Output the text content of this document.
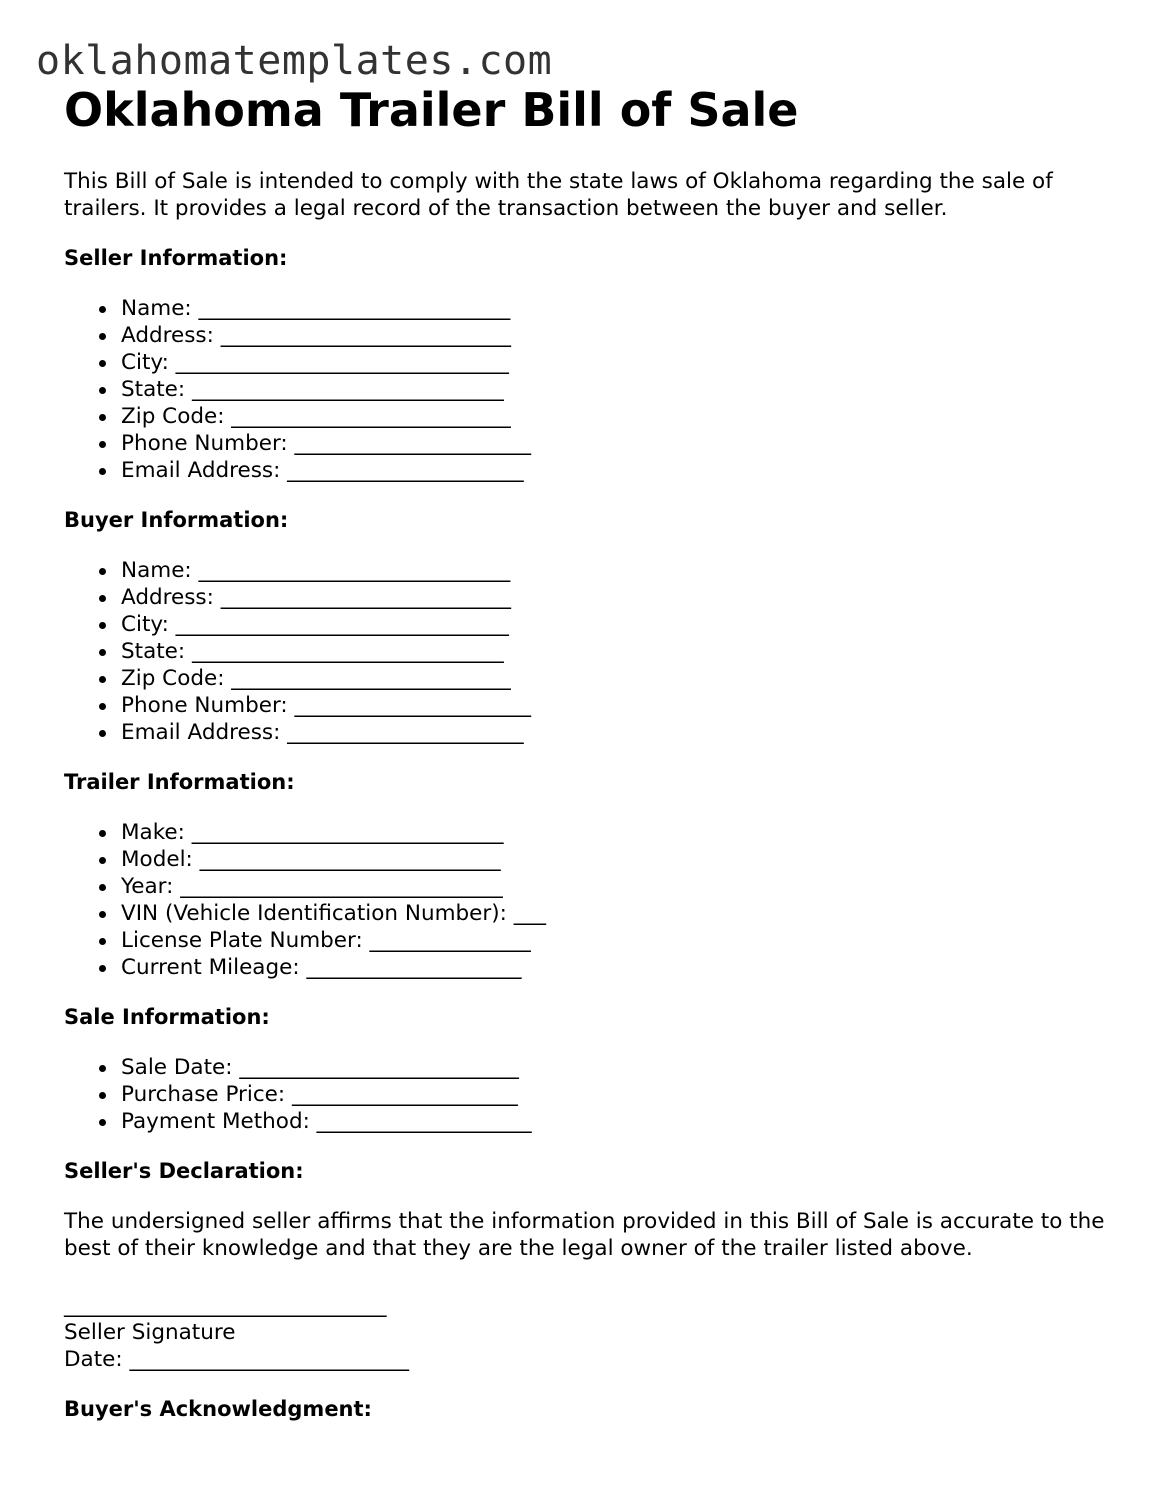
oklahomatemplates.com
Oklahoma Trailer Bill of Sale

This Bill of Sale is intended to comply with the state laws of Oklahoma regarding the sale of trailers. It provides a legal record of the transaction between the buyer and seller.

Seller Information:
Name: _____________________________
Address: ___________________________
City: _______________________________
State: _____________________________
Zip Code: __________________________
Phone Number: ______________________
Email Address: ______________________
Buyer Information:
Name: _____________________________
Address: ___________________________
City: _______________________________
State: _____________________________
Zip Code: __________________________
Phone Number: ______________________
Email Address: ______________________
Trailer Information:
Make: _____________________________
Model: ____________________________
Year: ______________________________
VIN (Vehicle Identification Number): ___
License Plate Number: _______________
Current Mileage: ____________________
Sale Information:
Sale Date: __________________________
Purchase Price: _____________________
Payment Method: ____________________
Seller's Declaration:

The undersigned seller affirms that the information provided in this Bill of Sale is accurate to the best of their knowledge and that they are the legal owner of the trailer listed above.

______________________________
Seller Signature
Date: __________________________
Buyer's Acknowledgment:
